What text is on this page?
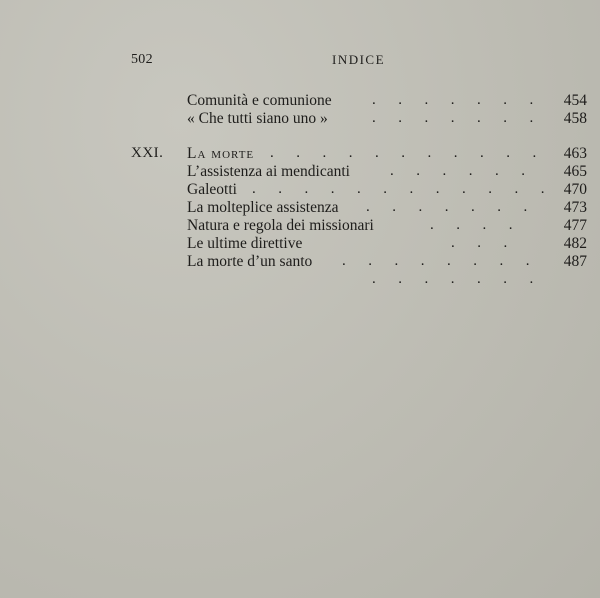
502	INDICE
Comunità e comunione	.      .      .      .      .      .      . 454
« Che tutti siano uno »	.      .      .      .      .      .      . 458
XXI. La morte .      .      .      .      .      .      .      .      .      .      . 463
L’assistenza ai mendicanti	.      .      .      .      .      .	465
Galeotti .      .      .      .      .      .      .      .      .      .      .      . 470
La molteplice assistenza .      .      .      .      .      .      . 473
Natura e regola dei missionari	.      .      .      .	477
Le ultime direttive	.      .      .	482
La morte d’un santo .      .      .      .      .      .      .      . 487
.      .      .      .      .      .      .
